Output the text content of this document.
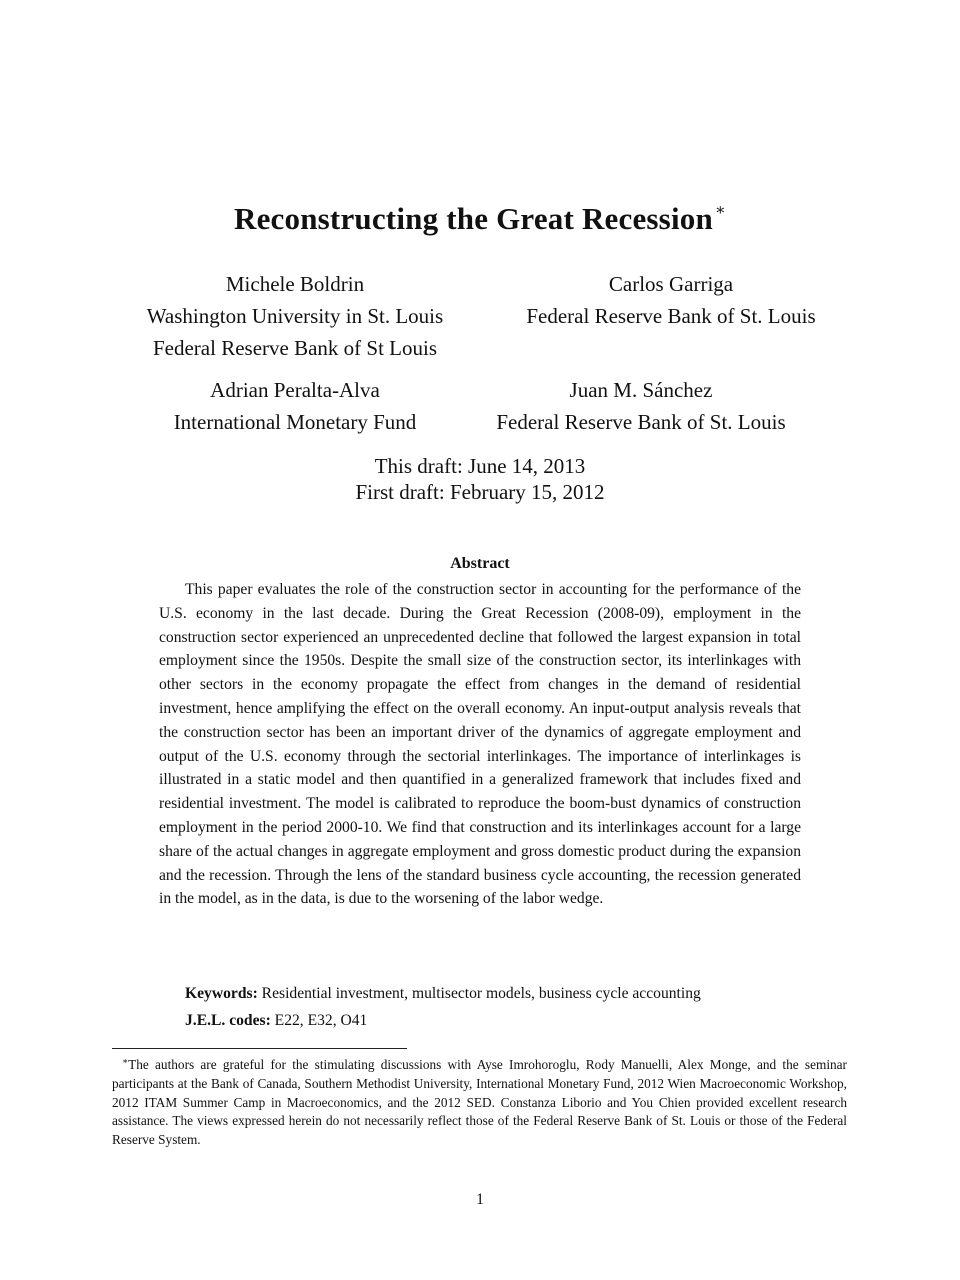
Reconstructing the Great Recession ∗
Michele Boldrin
Washington University in St. Louis
Federal Reserve Bank of St Louis
Carlos Garriga
Federal Reserve Bank of St. Louis
Adrian Peralta-Alva
International Monetary Fund
Juan M. Sánchez
Federal Reserve Bank of St. Louis
This draft: June 14, 2013
First draft: February 15, 2012
Abstract
This paper evaluates the role of the construction sector in accounting for the performance of the U.S. economy in the last decade. During the Great Recession (2008-09), employment in the construction sector experienced an unprecedented decline that followed the largest expansion in total employment since the 1950s. Despite the small size of the construction sector, its interlinkages with other sectors in the economy propagate the effect from changes in the demand of residential investment, hence amplifying the effect on the overall economy. An input-output analysis reveals that the construction sector has been an important driver of the dynamics of aggregate employment and output of the U.S. economy through the sectorial interlinkages. The importance of interlinkages is illustrated in a static model and then quantified in a generalized framework that includes fixed and residential investment. The model is calibrated to reproduce the boom-bust dynamics of construction employment in the period 2000-10. We find that construction and its interlinkages account for a large share of the actual changes in aggregate employment and gross domestic product during the expansion and the recession. Through the lens of the standard business cycle accounting, the recession generated in the model, as in the data, is due to the worsening of the labor wedge.
Keywords: Residential investment, multisector models, business cycle accounting
J.E.L. codes: E22, E32, O41
∗The authors are grateful for the stimulating discussions with Ayse Imrohoroglu, Rody Manuelli, Alex Monge, and the seminar participants at the Bank of Canada, Southern Methodist University, International Monetary Fund, 2012 Wien Macroeconomic Workshop, 2012 ITAM Summer Camp in Macroeconomics, and the 2012 SED. Constanza Liborio and You Chien provided excellent research assistance. The views expressed herein do not necessarily reflect those of the Federal Reserve Bank of St. Louis or those of the Federal Reserve System.
1
